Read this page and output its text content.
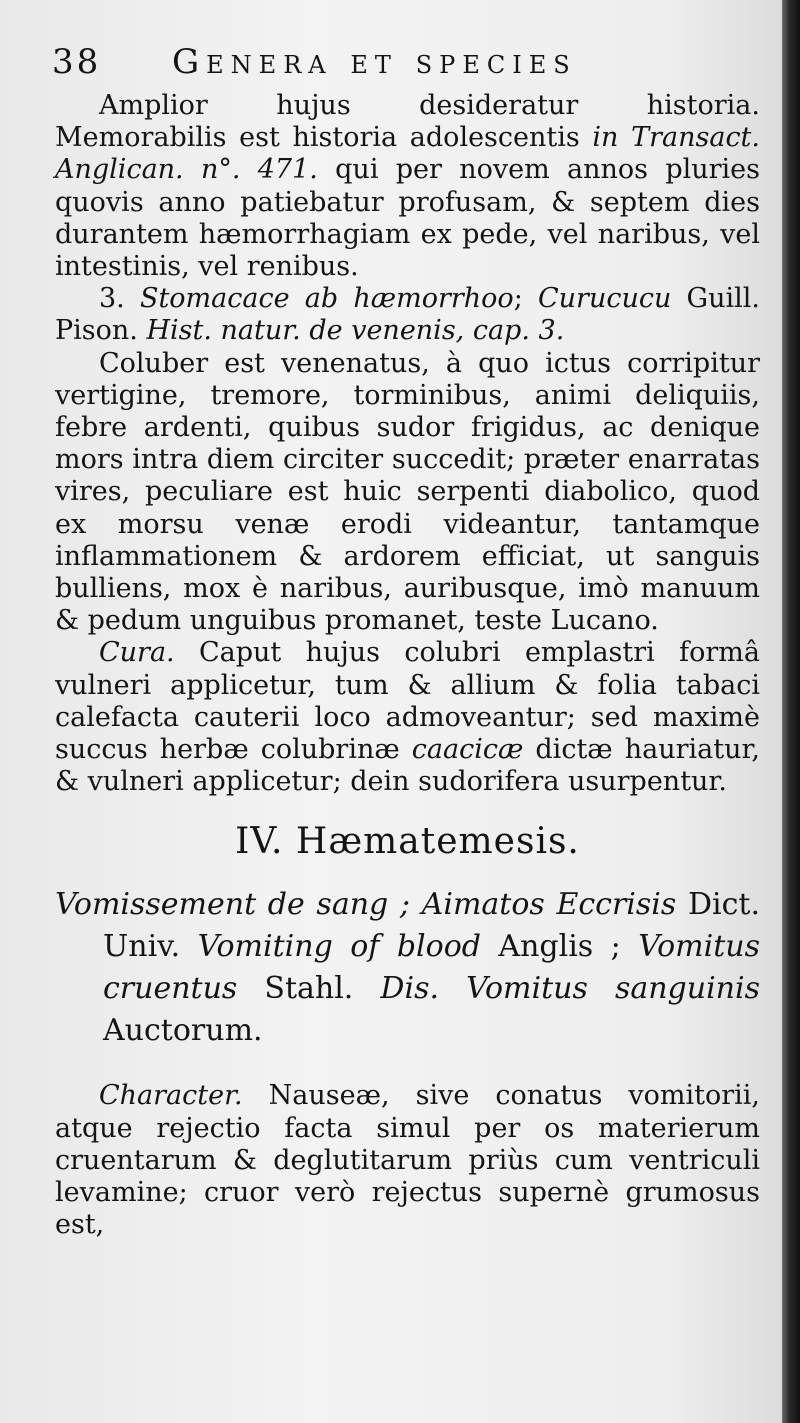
38 Genera et species

Amplior hujus desideratur historia. Memorabilis est historia adolescentis in Transact. Anglican. n°. 471. qui per novem annos pluries quovis anno patiebatur profusam, & septem dies durantem hæmorrhagiam ex pede, vel naribus, vel intestinis, vel renibus.

3. Stomacace ab hæmorrhoo; Curucucu Guill. Pison. Hist. natur. de venenis, cap. 3.

Coluber est venenatus, à quo ictus corripitur vertigine, tremore, torminibus, animi deliquiis, febre ardenti, quibus sudor frigidus, ac denique mors intra diem circiter succedit; præter enarratas vires, peculiare est huic serpenti diabolico, quod ex morsu venæ erodi videantur, tantamque inflammationem & ardorem efficiat, ut sanguis bulliens, mox è naribus, auribusque, imò manuum & pedum unguibus promanet, teste Lucano.

Cura. Caput hujus colubri emplastri formâ vulneri applicetur, tum & allium & folia tabaci calefacta cauterii loco admoveantur; sed maximè succus herbæ colubrinæ caacicæ dictæ hauriatur, & vulneri applicetur; dein sudorifera usurpentur.

IV. Hæmatemesis.

Vomissement de sang ; Aimatos Eccrisis Dict. Univ. Vomiting of blood Anglis ; Vomitus cruentus Stahl. Dis. Vomitus sanguinis Auctorum.

Character. Nauseæ, sive conatus vomitorii, atque rejectio facta simul per os materierum cruentarum & deglutitarum priùs cum ventriculi levamine; cruor verò rejectus supernè grumosus est,
